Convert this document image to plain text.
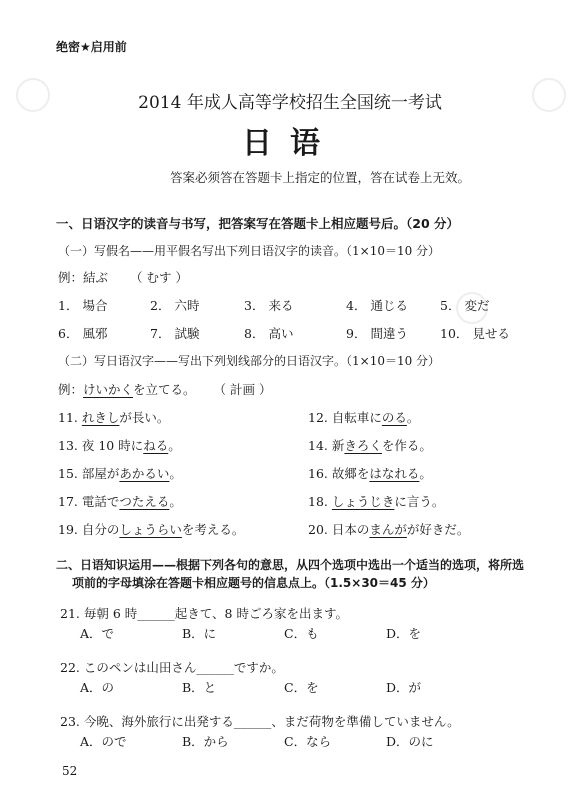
绝密★启用前
2014 年成人高等学校招生全国统一考试
日语
答案必须答在答题卡上指定的位置，答在试卷上无效。
一、日语汉字的读音与书写，把答案写在答题卡上相应题号后。（20 分）
（一）写假名——用平假名写出下列日语汉字的读音。（1×10＝10 分）
例：結ぶ （ むす ）
1． 場合	2． 六時	3． 来る	4． 通じる	5． 変だ
6． 風邪	7． 試験	8． 高い	9． 間違う	10． 見せる
（二）写日语汉字——写出下列划线部分的日语汉字。（1×10＝10 分）
例：けいかくを立てる。 （ 計画 ）
11. れきしが長い。	12. 自転車にのる。
13. 夜 10 時にねる。	14. 新きろくを作る。
15. 部屋があかるい。	16. 故郷をはなれる。
17. 電話でつたえる。	18. しょうじきに言う。
19. 自分のしょうらいを考える。	20. 日本のまんがが好きだ。
二、日语知识运用——根据下列各句的意思，从四个选项中选出一个适当的选项，将所选
项前的字母填涂在答题卡相应题号的信息点上。（1.5×30＝45 分）
21. 毎朝 6 時______起きて、8 時ごろ家を出ます。
A．で	B．に	C．も	D．を
22. このペンは山田さん______ですか。
A．の	B．と	C．を	D．が
23. 今晩、海外旅行に出発する______、まだ荷物を準備していません。
A．ので	B．から	C．なら	D．のに
52
